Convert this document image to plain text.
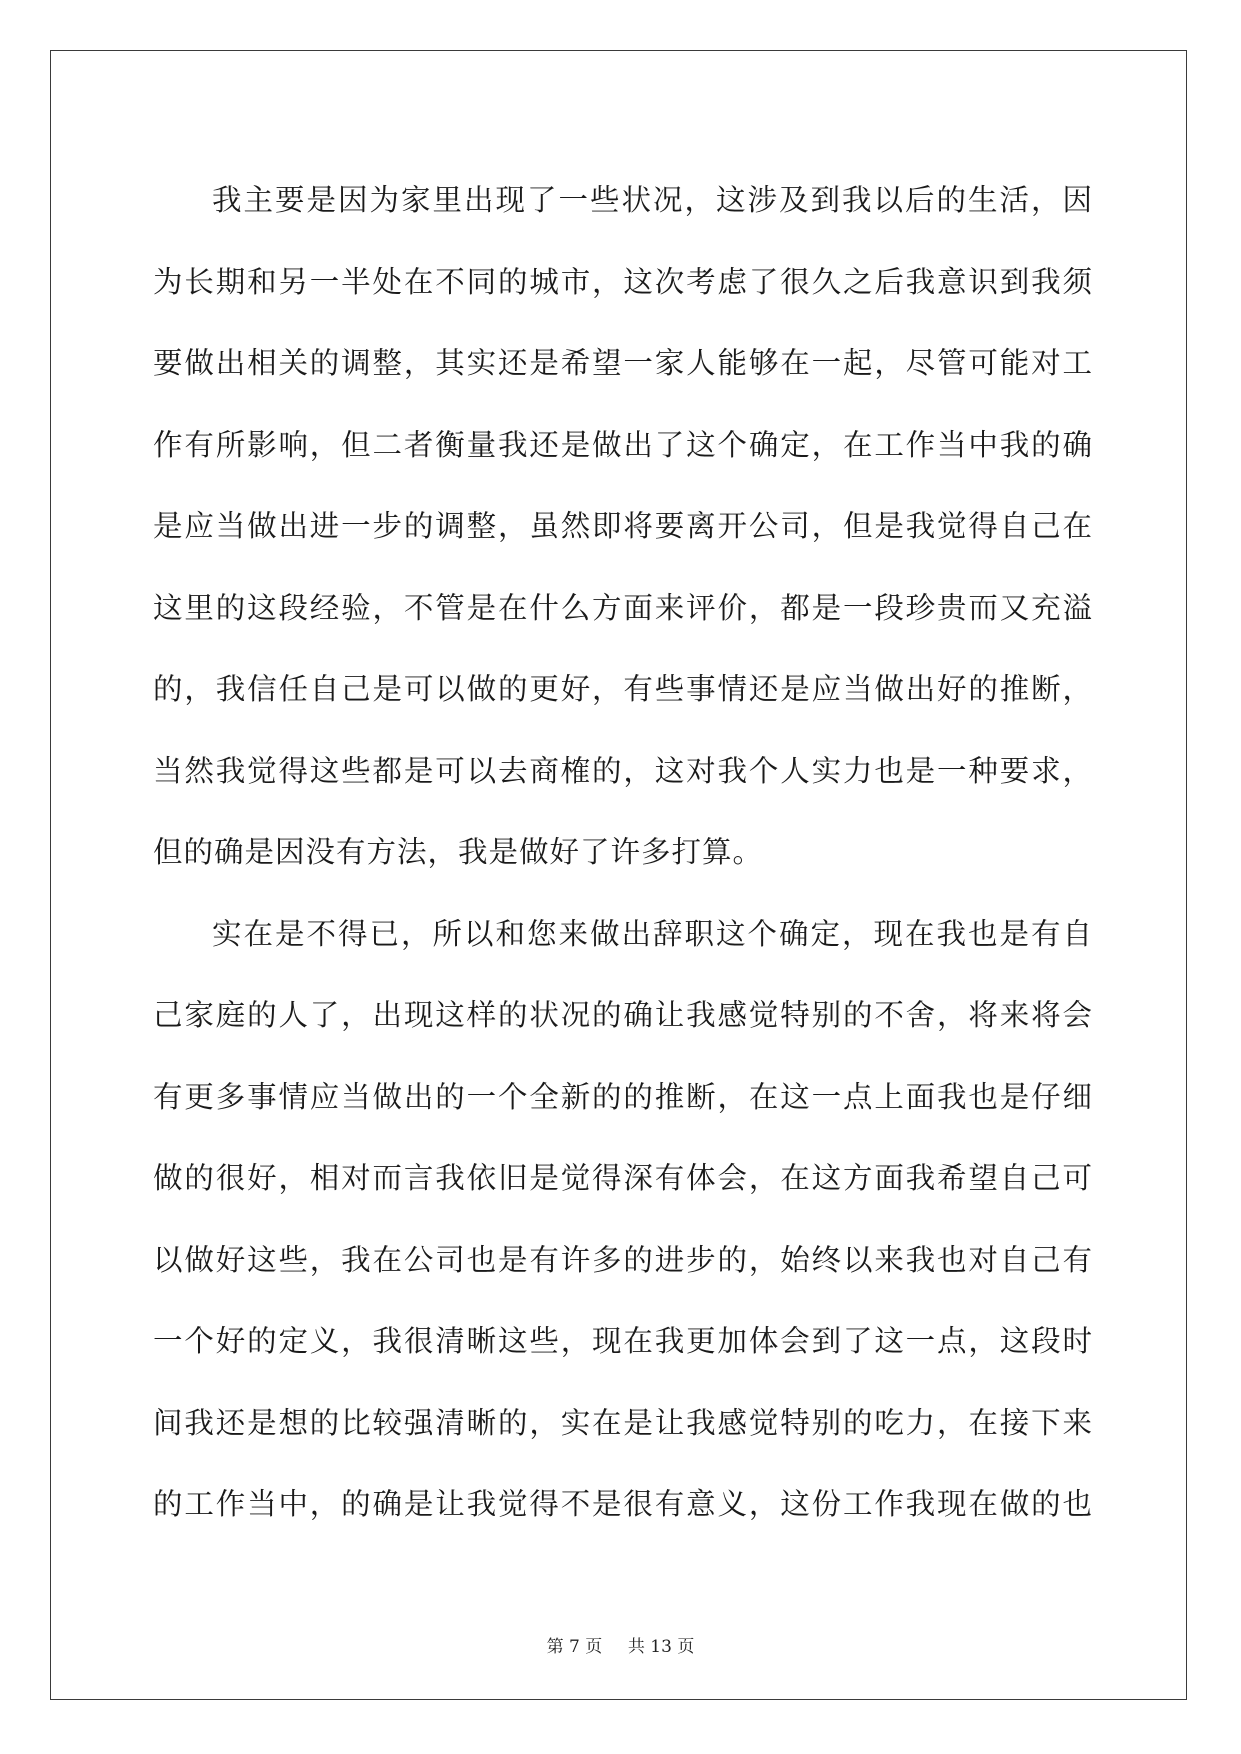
我主要是因为家里出现了一些状况，这涉及到我以后的生活，因
为长期和另一半处在不同的城市，这次考虑了很久之后我意识到我须
要做出相关的调整，其实还是希望一家人能够在一起，尽管可能对工
作有所影响，但二者衡量我还是做出了这个确定，在工作当中我的确
是应当做出进一步的调整，虽然即将要离开公司，但是我觉得自己在
这里的这段经验，不管是在什么方面来评价，都是一段珍贵而又充溢
的，我信任自己是可以做的更好，有些事情还是应当做出好的推断，
当然我觉得这些都是可以去商榷的，这对我个人实力也是一种要求，
但的确是因没有方法，我是做好了许多打算。
实在是不得已，所以和您来做出辞职这个确定，现在我也是有自
己家庭的人了，出现这样的状况的确让我感觉特别的不舍，将来将会
有更多事情应当做出的一个全新的的推断，在这一点上面我也是仔细
做的很好，相对而言我依旧是觉得深有体会，在这方面我希望自己可
以做好这些，我在公司也是有许多的进步的，始终以来我也对自己有
一个好的定义，我很清晰这些，现在我更加体会到了这一点，这段时
间我还是想的比较强清晰的，实在是让我感觉特别的吃力，在接下来
的工作当中，的确是让我觉得不是很有意义，这份工作我现在做的也
第 7 页 共 13 页
